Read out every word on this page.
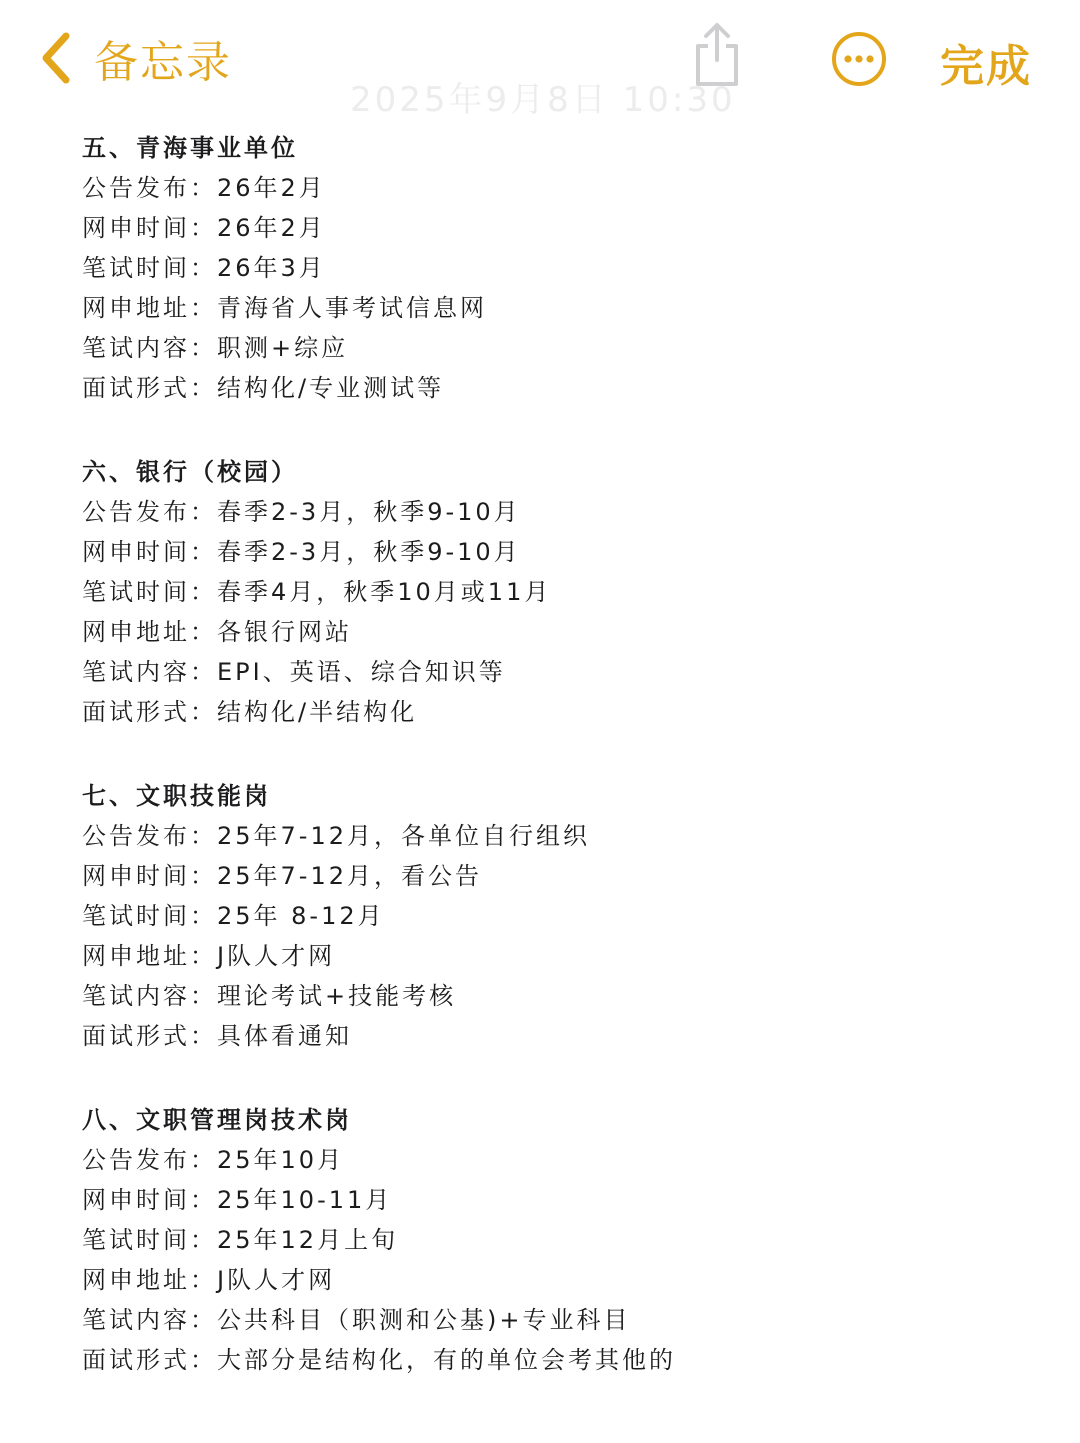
备忘录
2025年9月8日 10:30
完成
五、青海事业单位
公告发布：26年2月
网申时间：26年2月
笔试时间：26年3月
网申地址：青海省人事考试信息网
笔试内容：职测+综应
面试形式：结构化/专业测试等
六、银行（校园）
公告发布：春季2-3月，秋季9-10月
网申时间：春季2-3月，秋季9-10月
笔试时间：春季4月，秋季10月或11月
网申地址：各银行网站
笔试内容：EPI、英语、综合知识等
面试形式：结构化/半结构化
七、文职技能岗
公告发布：25年7-12月，各单位自行组织
网申时间：25年7-12月，看公告
笔试时间：25年 8-12月
网申地址：J队人才网
笔试内容：理论考试+技能考核
面试形式：具体看通知
八、文职管理岗技术岗
公告发布：25年10月
网申时间：25年10-11月
笔试时间：25年12月上旬
网申地址：J队人才网
笔试内容：公共科目（职测和公基)+专业科目
面试形式：大部分是结构化，有的单位会考其他的
